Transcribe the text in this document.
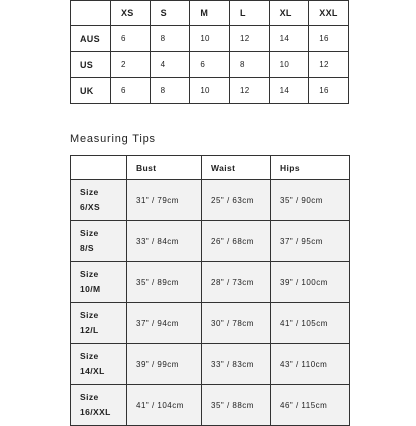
	XS	S	M	L	XL	XXL
AUS	6	8	10	12	14	16
US	2	4	6	8	10	12
UK	6	8	10	12	14	16
Measuring Tips
	Bust	Waist	Hips

Size
6/XS	31" / 79cm	25" / 63cm	35" / 90cm

Size
8/S	33" / 84cm	26" / 68cm	37" / 95cm

Size
10/M	35" / 89cm	28" / 73cm	39" / 100cm

Size
12/L	37" / 94cm	30" / 78cm	41" / 105cm

Size
14/XL	39" / 99cm	33" / 83cm	43" / 110cm

Size
16/XXL	41" / 104cm	35" / 88cm	46" / 115cm
